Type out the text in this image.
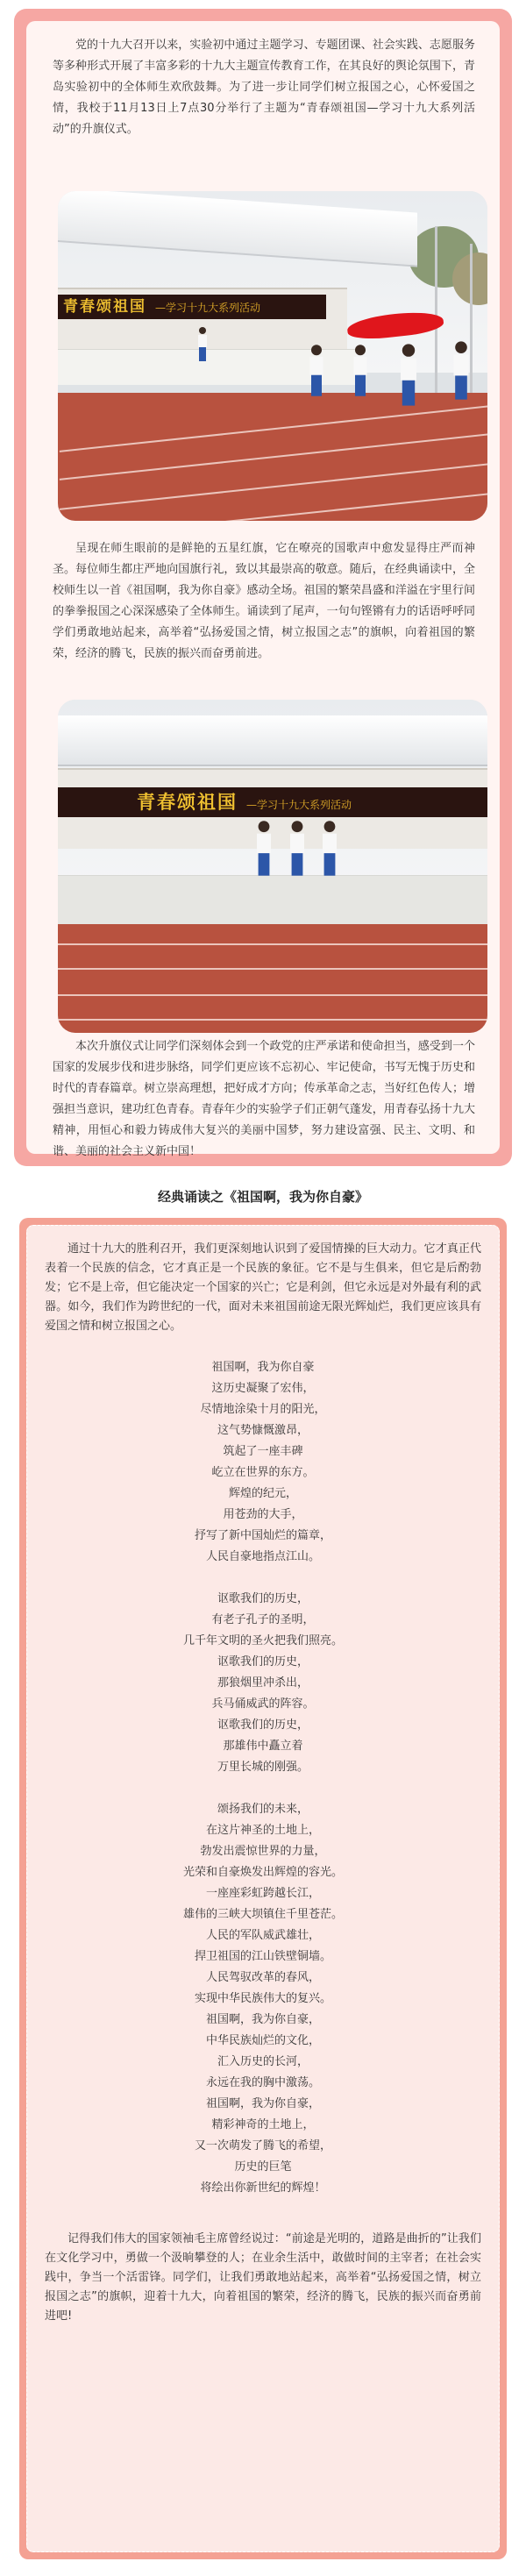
党的十九大召开以来，实验初中通过主题学习、专题团课、社会实践、志愿服务等多种形式开展了丰富多彩的十九大主题宣传教育工作，在其良好的舆论氛围下，青岛实验初中的全体师生欢欣鼓舞。为了进一步让同学们树立报国之心，心怀爱国之情，我校于11月13日上7点30分举行了主题为“青春颂祖国—学习十九大系列活动”的升旗仪式。

青春颂祖国 —学习十九大系列活动

呈现在师生眼前的是鲜艳的五星红旗，它在嘹亮的国歌声中愈发显得庄严而神圣。每位师生都庄严地向国旗行礼，致以其最崇高的敬意。随后，在经典诵读中，全校师生以一首《祖国啊，我为你自豪》感动全场。祖国的繁荣昌盛和洋溢在宇里行间的拳拳报国之心深深感染了全体师生。诵读到了尾声，一句句铿锵有力的话语呼呼同学们勇敢地站起来，高举着“弘扬爱国之情，树立报国之志”的旗帜，向着祖国的繁荣，经济的腾飞，民族的振兴而奋勇前进。

青春颂祖国 —学习十九大系列活动

本次升旗仪式让同学们深刻体会到一个政党的庄严承诺和使命担当，感受到一个国家的发展步伐和进步脉络，同学们更应该不忘初心、牢记使命，书写无愧于历史和时代的青春篇章。树立崇高理想，把好成才方向；传承革命之志，当好红色传人；增强担当意识，建功红色青春。青春年少的实验学子们正朝气蓬发，用青春弘扬十九大精神，用恒心和毅力铸成伟大复兴的美丽中国梦，努力建设富强、民主、文明、和谐、美丽的社会主义新中国！

经典诵读之《祖国啊，我为你自豪》

通过十九大的胜利召开，我们更深刻地认识到了爱国情操的巨大动力。它才真正代表着一个民族的信念，它才真正是一个民族的象征。它不是与生俱来，但它是后酌勃发；它不是上帝，但它能决定一个国家的兴亡；它是利剑，但它永远是对外最有利的武器。如今，我们作为跨世纪的一代，面对未来祖国前途无限光辉灿烂，我们更应该具有爱国之情和树立报国之心。

祖国啊，我为你自豪
这历史凝聚了宏伟，
尽情地涂染十月的阳光，
这气势慷慨激昂，
筑起了一座丰碑
屹立在世界的东方。
辉煌的纪元，
用苍劲的大手，
抒写了新中国灿烂的篇章，
人民自豪地指点江山。
讴歌我们的历史，
有老子孔子的圣明，
几千年文明的圣火把我们照亮。
讴歌我们的历史，
那狼烟里冲杀出，
兵马俑威武的阵容。
讴歌我们的历史，
那雄伟中矗立着
万里长城的刚强。
颂扬我们的未来，
在这片神圣的土地上，
勃发出震惊世界的力量，
光荣和自豪焕发出辉煌的容光。
一座座彩虹跨越长江，
雄伟的三峡大坝镇住千里苍茫。
人民的军队威武雄壮，
捍卫祖国的江山铁壁铜墙。
人民驾驭改革的春风，
实现中华民族伟大的复兴。
祖国啊，我为你自豪，
中华民族灿烂的文化，
汇入历史的长河，
永远在我的胸中激荡。
祖国啊，我为你自豪，
精彩神奇的土地上，
又一次萌发了腾飞的希望，
历史的巨笔
将绘出你新世纪的辉煌！

记得我们伟大的国家领袖毛主席曾经说过：“前途是光明的，道路是曲折的”让我们在文化学习中，勇做一个汲晌攀登的人；在业余生活中，敢做时间的主宰者；在社会实践中，争当一个活雷锋。同学们，让我们勇敢地站起来，高举着“弘扬爱国之情，树立报国之志”的旗帜，迎着十九大，向着祖国的繁荣，经济的腾飞，民族的振兴而奋勇前进吧!
